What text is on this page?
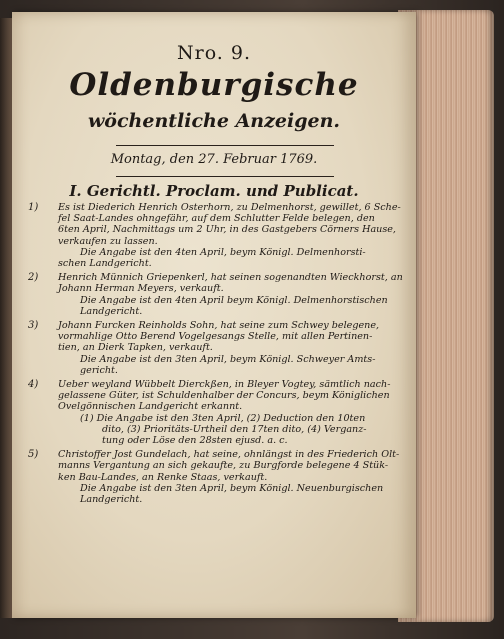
Nro. 9.
Oldenburgische
wöchentliche Anzeigen.
Montag, den 27. Februar 1769.
I. Gerichtl. Proclam. und Publicat.
1) Es ist Diederich Henrich Osterhorn, zu Delmenhorst, gewillet, 6 Sche-
fel Saat-Landes ohngefähr, auf dem Schlutter Felde belegen, den
6ten April, Nachmittags um 2 Uhr, in des Gastgebers Cörners Hause,
verkaufen zu lassen.
Die Angabe ist den 4ten April, beym Königl. Delmenhorsti-
schen Landgericht.
2) Henrich Münnich Griepenkerl, hat seinen sogenandten Wieckhorst, an
Johann Herman Meyers, verkauft.
Die Angabe ist den 4ten April beym Königl. Delmenhorstischen
Landgericht.
3) Johann Furcken Reinholds Sohn, hat seine zum Schwey belegene,
vormahlige Otto Berend Vogelgesangs Stelle, mit allen Pertinen-
tien, an Dierk Tapken, verkauft.
Die Angabe ist den 3ten April, beym Königl. Schweyer Amts-
gericht.
4) Ueber weyland Wübbelt Dierckßen, in Bleyer Vogtey, sämtlich nach-
gelassene Güter, ist Schuldenhalber der Concurs, beym Königlichen
Ovelgönnischen Landgericht erkannt.
(1) Die Angabe ist den 3ten April, (2) Deduction den 10ten
dito, (3) Prioritäts-Urtheil den 17ten dito, (4) Verganz-
tung oder Löse den 28sten ejusd. a. c.
5) Christoffer Jost Gundelach, hat seine, ohnlängst in des Friederich Olt-
manns Vergantung an sich gekaufte, zu Burgforde belegene 4 Stük-
ken Bau-Landes, an Renke Staas, verkauft.
Die Angabe ist den 3ten April, beym Königl. Neuenburgischen
Landgericht.
